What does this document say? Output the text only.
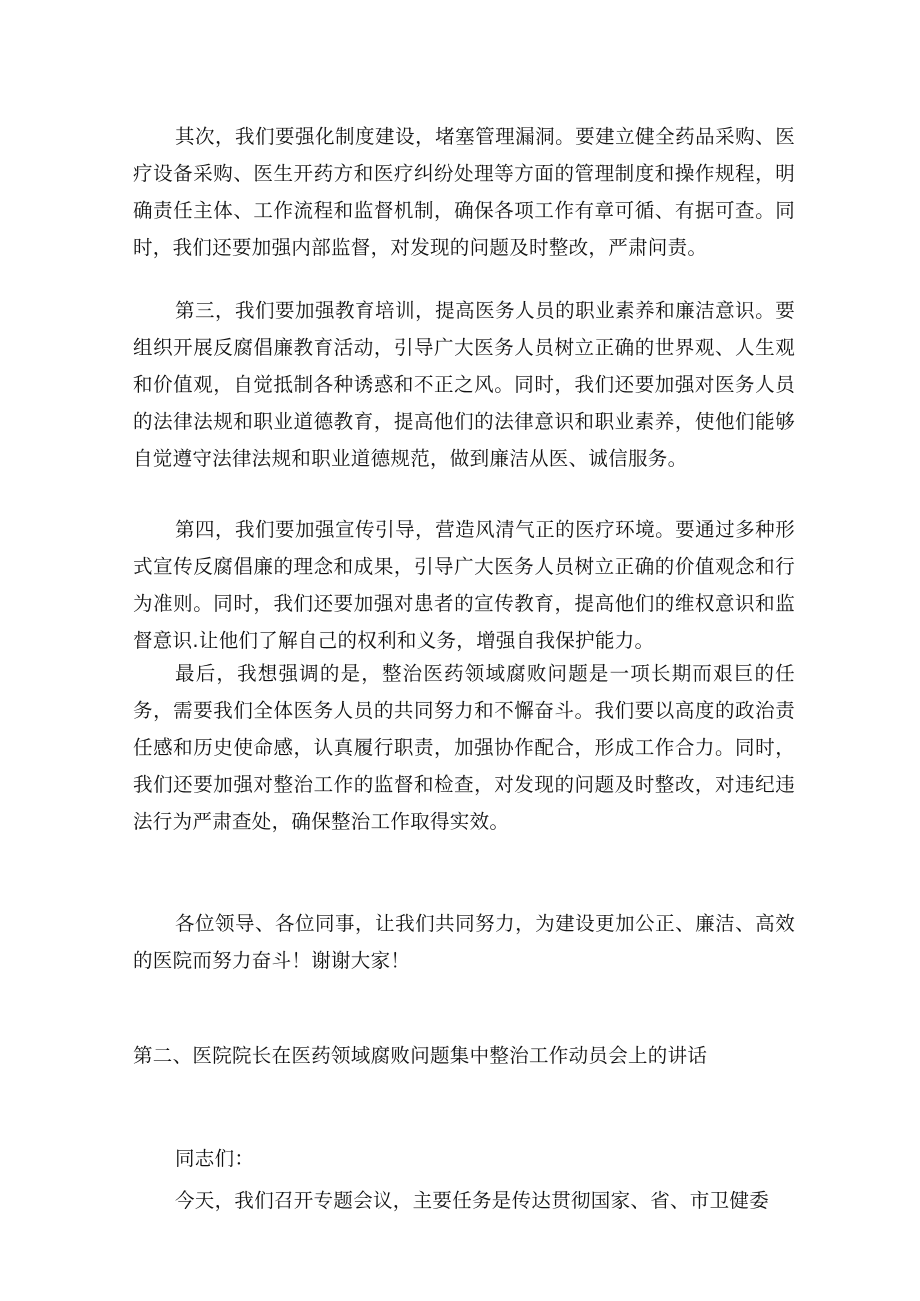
其次，我们要强化制度建设，堵塞管理漏洞。要建立健全药品采购、医疗设备采购、医生开药方和医疗纠纷处理等方面的管理制度和操作规程，明确责任主体、工作流程和监督机制，确保各项工作有章可循、有据可查。同时，我们还要加强内部监督，对发现的问题及时整改，严肃问责。

第三，我们要加强教育培训，提高医务人员的职业素养和廉洁意识。要组织开展反腐倡廉教育活动，引导广大医务人员树立正确的世界观、人生观和价值观，自觉抵制各种诱惑和不正之风。同时，我们还要加强对医务人员的法律法规和职业道德教育，提高他们的法律意识和职业素养，使他们能够自觉遵守法律法规和职业道德规范，做到廉洁从医、诚信服务。

第四，我们要加强宣传引导，营造风清气正的医疗环境。要通过多种形式宣传反腐倡廉的理念和成果，引导广大医务人员树立正确的价值观念和行为准则。同时，我们还要加强对患者的宣传教育，提高他们的维权意识和监督意识.让他们了解自己的权利和义务，增强自我保护能力。

最后，我想强调的是，整治医药领域腐败问题是一项长期而艰巨的任务，需要我们全体医务人员的共同努力和不懈奋斗。我们要以高度的政治责任感和历史使命感，认真履行职责，加强协作配合，形成工作合力。同时，我们还要加强对整治工作的监督和检查，对发现的问题及时整改，对违纪违法行为严肃查处，确保整治工作取得实效。

各位领导、各位同事，让我们共同努力，为建设更加公正、廉洁、高效的医院而努力奋斗！谢谢大家！

第二、医院院长在医药领域腐败问题集中整治工作动员会上的讲话

同志们：

今天，我们召开专题会议，主要任务是传达贯彻国家、省、市卫健委
